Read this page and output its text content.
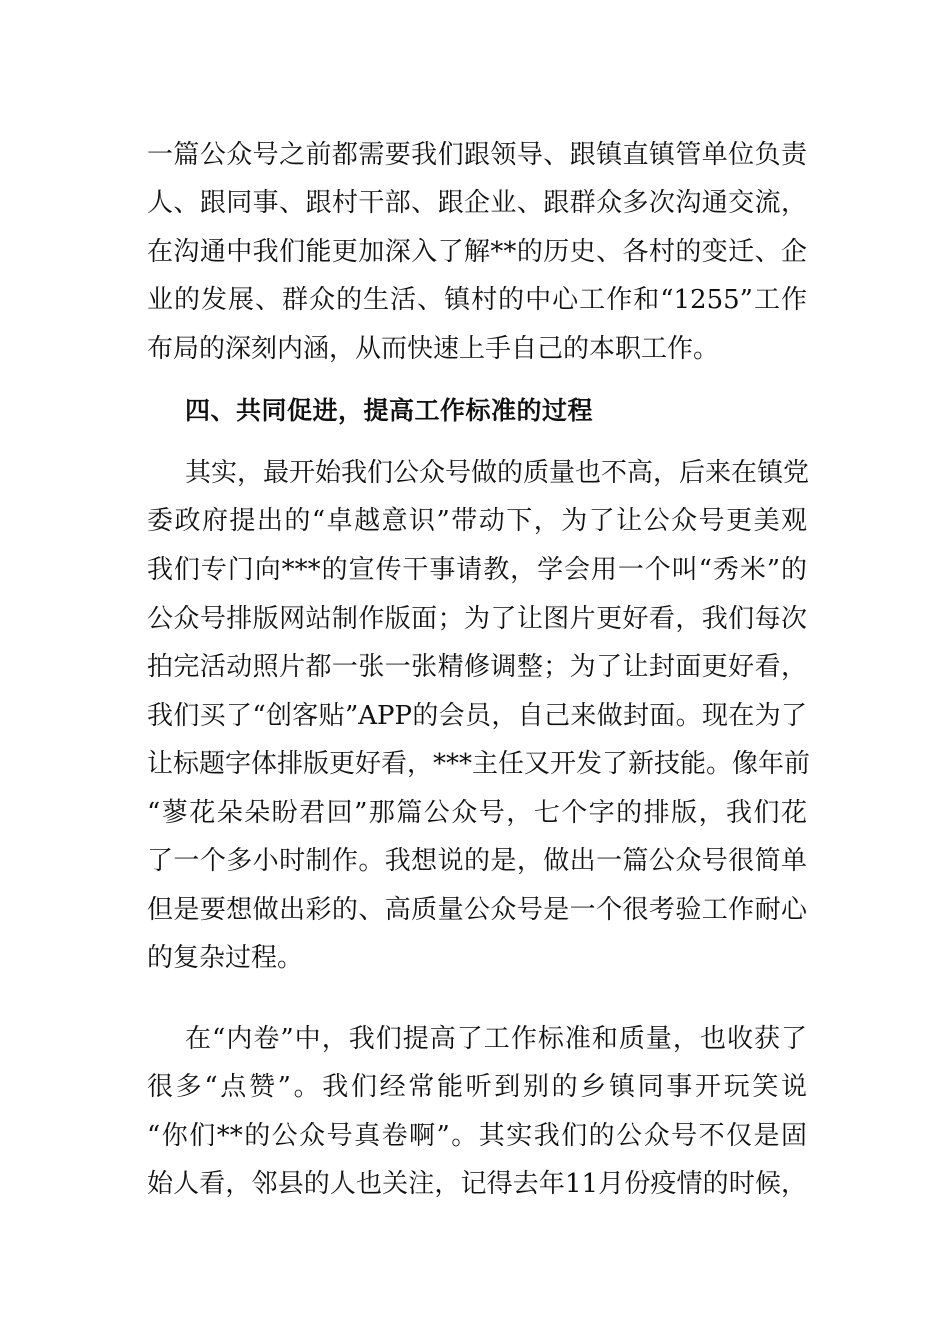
一篇公众号之前都需要我们跟领导、跟镇直镇管单位负责
人、跟同事、跟村干部、跟企业、跟群众多次沟通交流，
在沟通中我们能更加深入了解**的历史、各村的变迁、企
业的发展、群众的生活、镇村的中心工作和“1255”工作
布局的深刻内涵，从而快速上手自己的本职工作。
四、共同促进，提高工作标准的过程
其实，最开始我们公众号做的质量也不高，后来在镇党
委政府提出的“卓越意识”带动下，为了让公众号更美观
我们专门向***的宣传干事请教，学会用一个叫“秀米”的
公众号排版网站制作版面；为了让图片更好看，我们每次
拍完活动照片都一张一张精修调整；为了让封面更好看，
我们买了“创客贴”APP的会员，自己来做封面。现在为了
让标题字体排版更好看，***主任又开发了新技能。像年前
“蓼花朵朵盼君回”那篇公众号，七个字的排版，我们花
了一个多小时制作。我想说的是，做出一篇公众号很简单
但是要想做出彩的、高质量公众号是一个很考验工作耐心
的复杂过程。
在“内卷”中，我们提高了工作标准和质量，也收获了
很多“点赞”。我们经常能听到别的乡镇同事开玩笑说
“你们**的公众号真卷啊”。其实我们的公众号不仅是固
始人看，邻县的人也关注，记得去年11月份疫情的时候，
